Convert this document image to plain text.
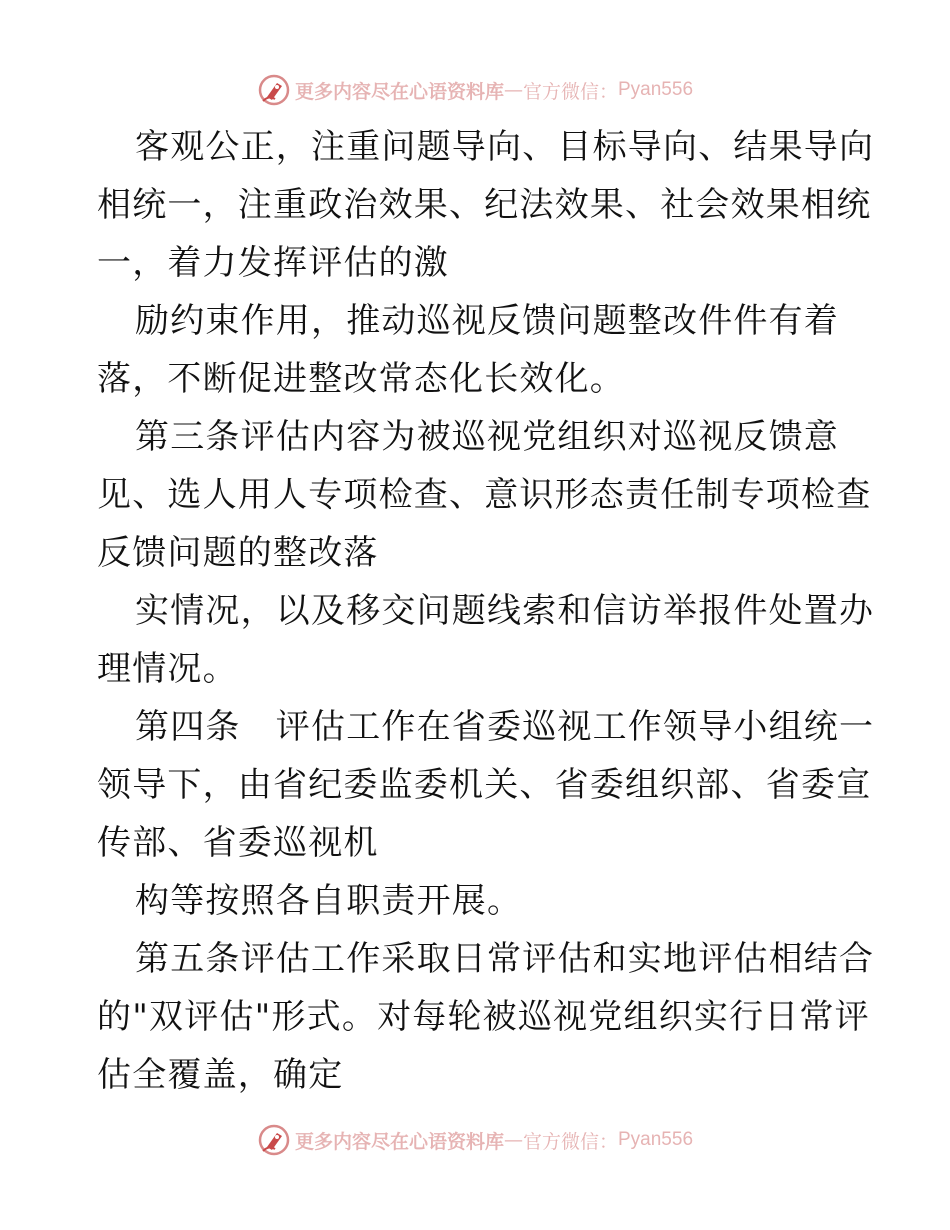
更多内容尽在心语资料库 — 官方微信： Pyan556

客观公正，注重问题导向、目标导向、结果导向

相统一，注重政治效果、纪法效果、社会效果相统

一，着力发挥评估的激

励约束作用，推动巡视反馈问题整改件件有着

落，不断促进整改常态化长效化。

第三条评估内容为被巡视党组织对巡视反馈意

见、选人用人专项检查、意识形态责任制专项检查

反馈问题的整改落

实情况，以及移交问题线索和信访举报件处置办

理情况。

第四条　评估工作在省委巡视工作领导小组统一

领导下，由省纪委监委机关、省委组织部、省委宣

传部、省委巡视机

构等按照各自职责开展。

第五条评估工作采取日常评估和实地评估相结合

的"双评估"形式。对每轮被巡视党组织实行日常评

估全覆盖，确定

更多内容尽在心语资料库 — 官方微信： Pyan556
